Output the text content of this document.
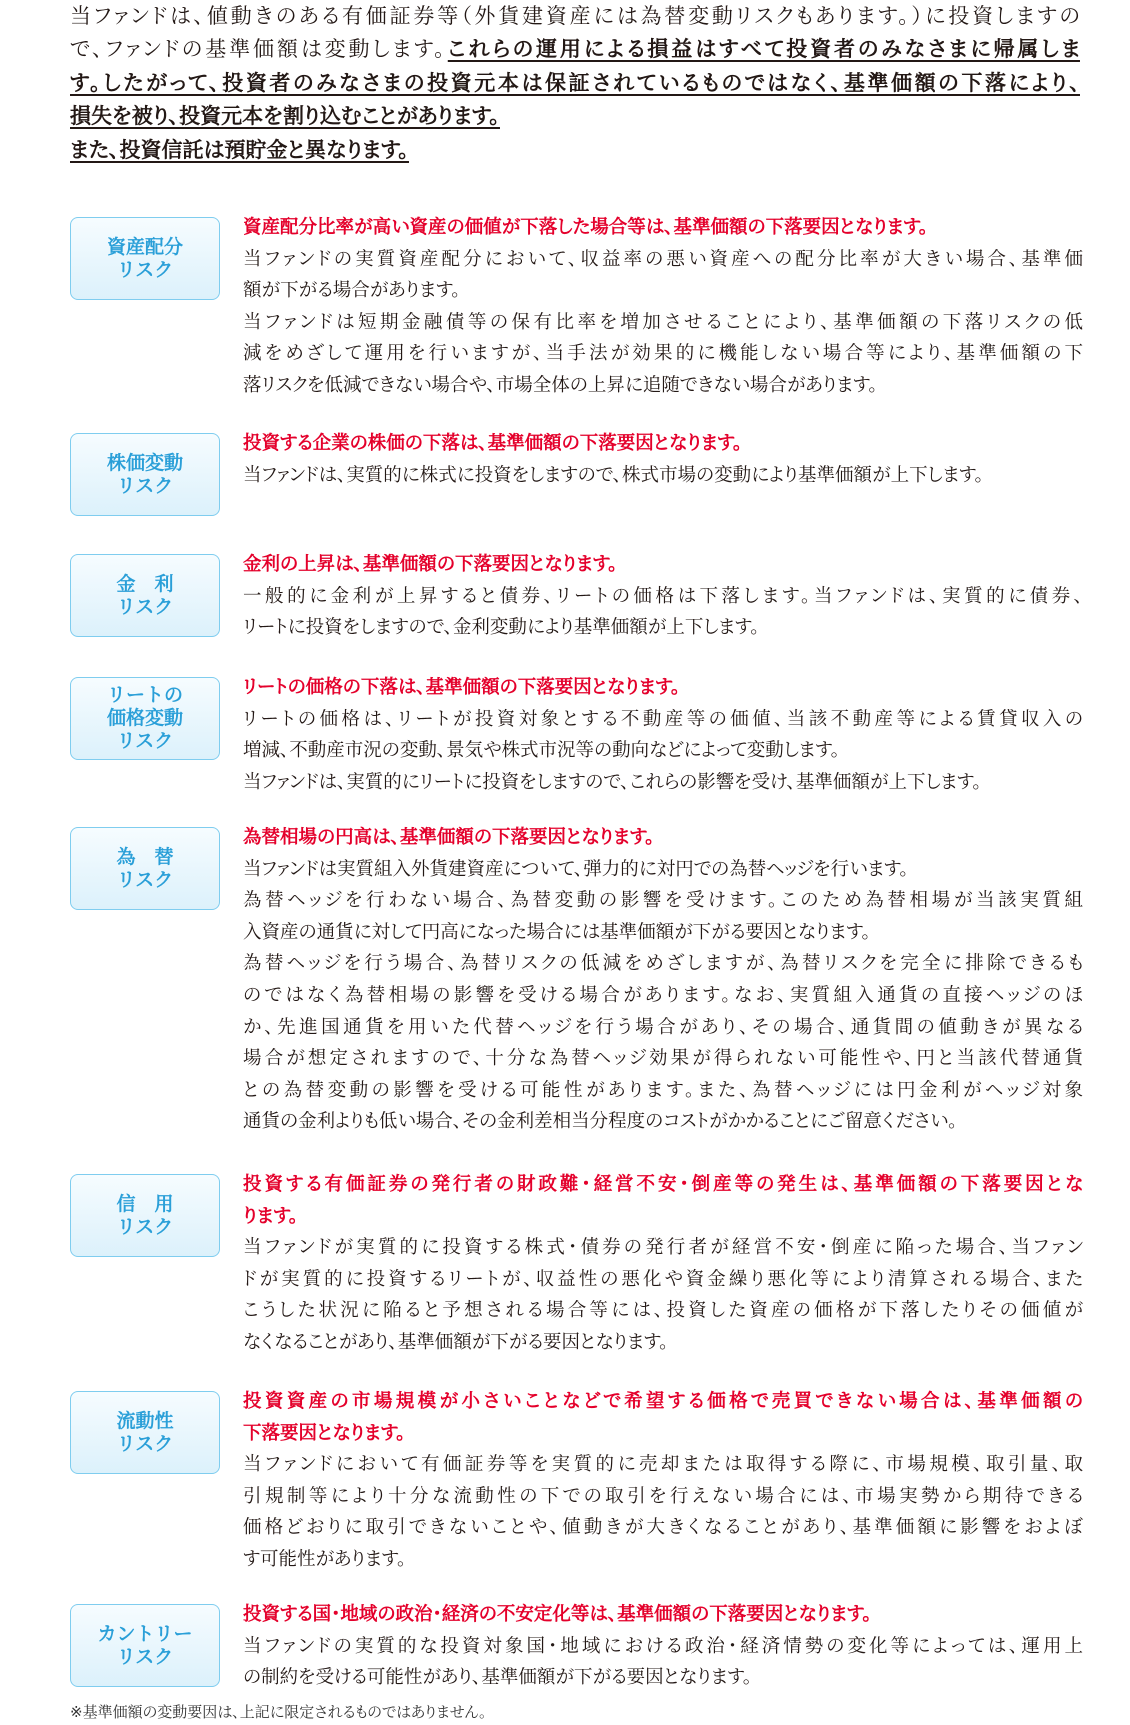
当ファンドは、値動きのある有価証券等（外貨建資産には為替変動リスクもあります。）に投資しますの
で、ファンドの基準価額は変動します。これらの運用による損益はすべて投資者のみなさまに帰属しま
す。したがって、投資者のみなさまの投資元本は保証されているものではなく、基準価額の下落により、
損失を被り、投資元本を割り込むことがあります。
また、投資信託は預貯金と異なります。
資産配分
リスク
資産配分比率が高い資産の価値が下落した場合等は、基準価額の下落要因となります。
当ファンドの実質資産配分において、収益率の悪い資産への配分比率が大きい場合、基準価
額が下がる場合があります。
当ファンドは短期金融債等の保有比率を増加させることにより、基準価額の下落リスクの低
減をめざして運用を行いますが、当手法が効果的に機能しない場合等により、基準価額の下
落リスクを低減できない場合や、市場全体の上昇に追随できない場合があります。
株価変動
リスク
投資する企業の株価の下落は、基準価額の下落要因となります。
当ファンドは、実質的に株式に投資をしますので、株式市場の変動により基準価額が上下します。
金　利
リスク
金利の上昇は、基準価額の下落要因となります。
一般的に金利が上昇すると債券、リートの価格は下落します。当ファンドは、実質的に債券、
リートに投資をしますので、金利変動により基準価額が上下します。
リートの
価格変動
リスク
リートの価格の下落は、基準価額の下落要因となります。
リートの価格は、リートが投資対象とする不動産等の価値、当該不動産等による賃貸収入の
増減、不動産市況の変動、景気や株式市況等の動向などによって変動します。
当ファンドは、実質的にリートに投資をしますので、これらの影響を受け、基準価額が上下します。
為　替
リスク
為替相場の円高は、基準価額の下落要因となります。
当ファンドは実質組入外貨建資産について、弾力的に対円での為替ヘッジを行います。
為替ヘッジを行わない場合、為替変動の影響を受けます。このため為替相場が当該実質組
入資産の通貨に対して円高になった場合には基準価額が下がる要因となります。
為替ヘッジを行う場合、為替リスクの低減をめざしますが、為替リスクを完全に排除できるも
のではなく為替相場の影響を受ける場合があります。なお、実質組入通貨の直接ヘッジのほ
か、先進国通貨を用いた代替ヘッジを行う場合があり、その場合、通貨間の値動きが異なる
場合が想定されますので、十分な為替ヘッジ効果が得られない可能性や、円と当該代替通貨
との為替変動の影響を受ける可能性があります。また、為替ヘッジには円金利がヘッジ対象
通貨の金利よりも低い場合、その金利差相当分程度のコストがかかることにご留意ください。
信　用
リスク
投資する有価証券の発行者の財政難・経営不安・倒産等の発生は、基準価額の下落要因とな
ります。
当ファンドが実質的に投資する株式・債券の発行者が経営不安・倒産に陥った場合、当ファン
ドが実質的に投資するリートが、収益性の悪化や資金繰り悪化等により清算される場合、また
こうした状況に陥ると予想される場合等には、投資した資産の価格が下落したりその価値が
なくなることがあり、基準価額が下がる要因となります。
流動性
リスク
投資資産の市場規模が小さいことなどで希望する価格で売買できない場合は、基準価額の
下落要因となります。
当ファンドにおいて有価証券等を実質的に売却または取得する際に、市場規模、取引量、取
引規制等により十分な流動性の下での取引を行えない場合には、市場実勢から期待できる
価格どおりに取引できないことや、値動きが大きくなることがあり、基準価額に影響をおよぼ
す可能性があります。
カントリー
リスク
投資する国・地域の政治・経済の不安定化等は、基準価額の下落要因となります。
当ファンドの実質的な投資対象国・地域における政治・経済情勢の変化等によっては、運用上
の制約を受ける可能性があり、基準価額が下がる要因となります。
※基準価額の変動要因は、上記に限定されるものではありません。
